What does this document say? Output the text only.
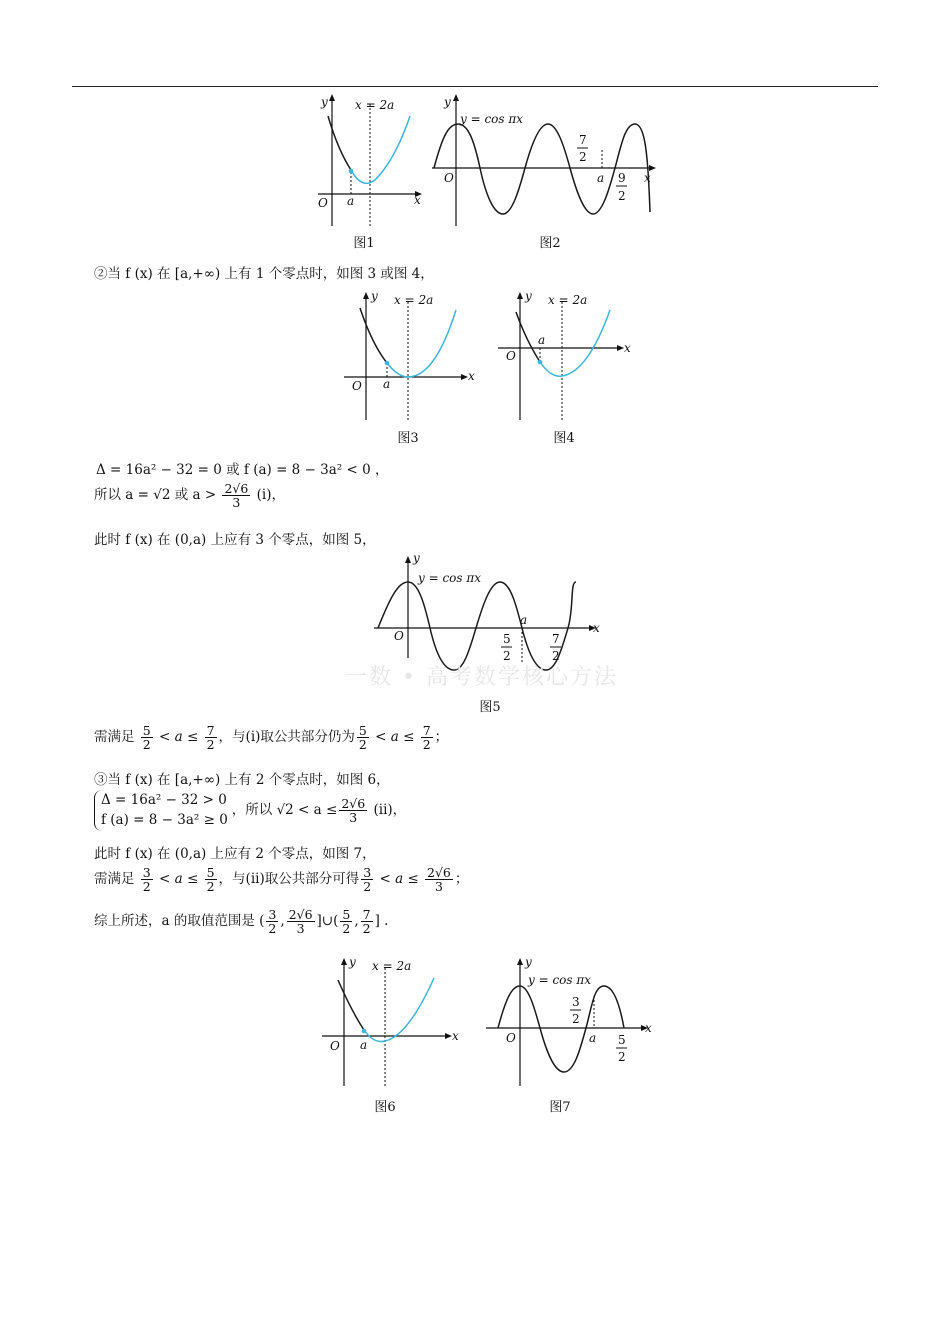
y
x
O a
x = 2a
图1
y = cos πx
y
x
O	a
7
2
9
2
图2
②当 f (x) 在 [a,+∞) 上有 1 个零点时，如图 3 或图 4，
y
x
O a
x = 2a
图3
y
x
O
a
x = 2a
图4
Δ = 16a² − 32 = 0 或 f (a) = 8 − 3a² < 0 ，
所以 a = √2 或 $a > \frac{2√6}{3} (i)$，
此时 f (x) 在 (0,a) 上应有 3 个零点，如图 5，
y
y = cos πx
x
O
a
5
2
7
2
一数 • 高考数学核心方法
图5
需满足 $\frac{5}{2} < a \le \frac{7}{2}$ ，与(i)取公共部分仍为 $\frac{5}{2} < a \le \frac{7}{2}$ ；
③当 f (x) 在 [a,+∞) 上有 2 个零点时，如图 6，
Δ = 16a² − 32 > 0
f (a) = 8 − 3a² ≥ 0
，所以 $√2 < a \le \frac{2√6}{3} (ii)$，
此时 f (x) 在 (0,a) 上应有 2 个零点，如图 7，
需满足 $\frac{3}{2} < a \le \frac{5}{2}$ ，与(ii)取公共部分可得 $\frac{3}{2} < a \le \frac{2√6}{3}$ ；
综上所述，a 的取值范围是 ( $\frac{3}{2}$ , $\frac{2√6}{3}$ ]∪( $\frac{5}{2}$ , $\frac{7}{2}$ ] .
y
x
O a
x = 2a
图6
y
y = cos πx
x
O	a
3
2
5
2
图7
